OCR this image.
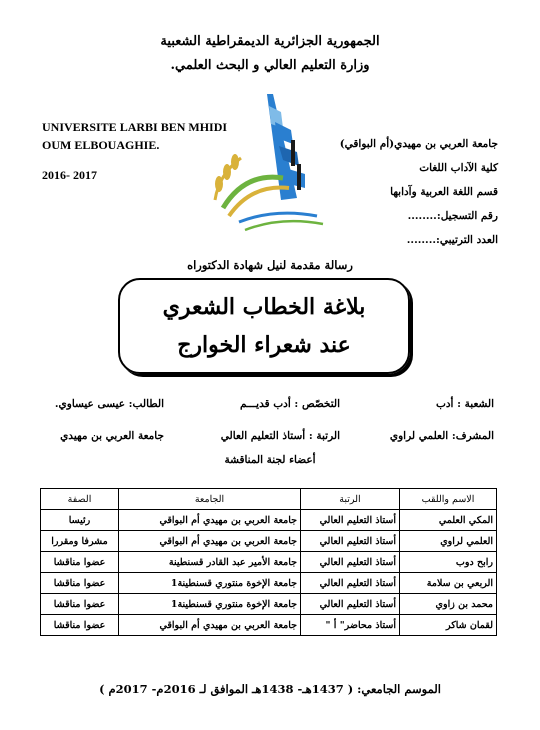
الجمهورية الجزائرية الديمقراطية الشعبية
وزارة التعليم العالي و البحث العلمي.
UNIVERSITE LARBI BEN MHIDI
OUM ELBOUAGHIE.
2016- 2017
جامعة العربي بن مهيدي(أم البواقي)
كلية الآداب اللغات
قسم اللغة العربية وآدابها
رقم التسجيل:........
العدد الترتيبي:........
رسالة مقدمة لنيل شهادة الدكتوراه
بلاغة الخطاب الشعري
عند شعراء الخوارج
الشعبة : أدب
التخصّص : أدب قديـــم
الطالب: عيسى عيساوي.
المشرف: العلمي لراوي
الرتبة : أستاذ التعليم العالي
جامعة العربي بن مهيدي
أعضاء لجنة المناقشة
الاسم واللقب	الرتبة	الجامعة	الصفة
المكي العلمي	أستاذ التعليم العالي	جامعة العربي بن مهيدي أم البواقي	رئيسا
العلمي لراوي	أستاذ التعليم العالي	جامعة العربي بن مهيدي أم البواقي	مشرفا ومقررا
رابح دوب	أستاذ التعليم العالي	جامعة الأمير عبد القادر قسنطينة	عضوا مناقشا
الربعي بن سلامة	أستاذ التعليم العالي	جامعة الإخوة منتوري قسنطينة1	عضوا مناقشا
محمد بن زاوي	أستاذ التعليم العالي	جامعة الإخوة منتوري قسنطينة1	عضوا مناقشا
لقمان شاكر	أستاذ محاضر" أ "	جامعة العربي بن مهيدي أم البواقي	عضوا مناقشا
الموسم الجامعي: ( 1437هـ- 1438هـ الموافق لـ 2016م- 2017م )
